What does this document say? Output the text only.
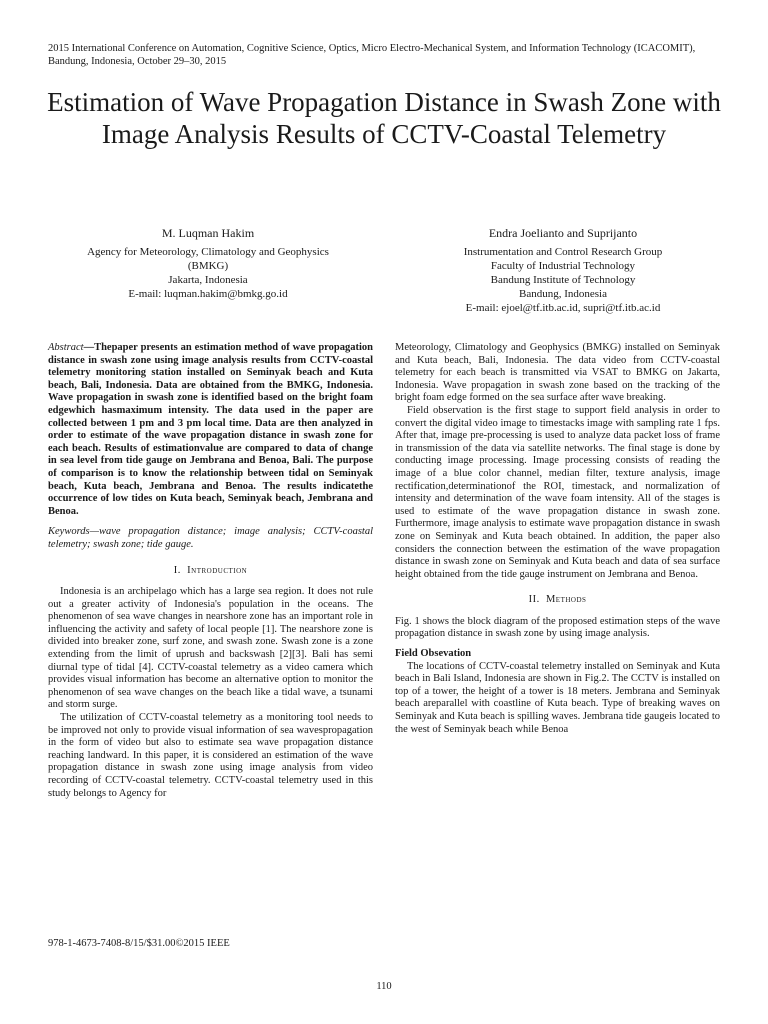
2015 International Conference on Automation, Cognitive Science, Optics, Micro Electro-Mechanical System, and Information Technology (ICACOMIT), Bandung, Indonesia, October 29–30, 2015
Estimation of Wave Propagation Distance in Swash Zone with Image Analysis Results of CCTV-Coastal Telemetry
M. Luqman Hakim
Agency for Meteorology, Climatology and Geophysics
(BMKG)
Jakarta, Indonesia
E-mail: luqman.hakim@bmkg.go.id
Endra Joelianto and Suprijanto
Instrumentation and Control Research Group
Faculty of Industrial Technology
Bandung Institute of Technology
Bandung, Indonesia
E-mail: ejoel@tf.itb.ac.id, supri@tf.itb.ac.id

Abstract—Thepaper presents an estimation method of wave propagation distance in swash zone using image analysis results from CCTV-coastal telemetry monitoring station installed on Seminyak beach and Kuta beach, Bali, Indonesia. Data are obtained from the BMKG, Indonesia. Wave propagation in swash zone is identified based on the bright foam edgewhich hasmaximum intensity. The data used in the paper are collected between 1 pm and 3 pm local time. Data are then analyzed in order to estimate of the wave propagation distance in swash zone for each beach. Results of estimationvalue are compared to data of change in sea level from tide gauge on Jembrana and Benoa, Bali. The purpose of comparison is to know the relationship between tidal on Seminyak beach, Kuta beach, Jembrana and Benoa. The results indicatethe occurrence of low tides on Kuta beach, Seminyak beach, Jembrana and Benoa.

Keywords—wave propagation distance; image analysis; CCTV-coastal telemetry; swash zone; tide gauge.

I. Introduction

Indonesia is an archipelago which has a large sea region. It does not rule out a greater activity of Indonesia's population in the oceans. The phenomenon of sea wave changes in nearshore zone has an important role in influencing the activity and safety of local people [1]. The nearshore zone is divided into breaker zone, surf zone, and swash zone. Swash zone is a zone extending from the limit of uprush and backswash [2][3]. Bali has semi diurnal type of tidal [4]. CCTV-coastal telemetry as a video camera which provides visual information has become an alternative option to monitor the phenomenon of sea wave changes on the beach like a tidal wave, a tsunami and storm surge.

The utilization of CCTV-coastal telemetry as a monitoring tool needs to be improved not only to provide visual information of sea wavespropagation in the form of video but also to estimate sea wave propagation distance reaching landward. In this paper, it is considered an estimation of the wave propagation distance in swash zone using image analysis from video recording of CCTV-coastal telemetry. CCTV-coastal telemetry used in this study belongs to Agency for

Meteorology, Climatology and Geophysics (BMKG) installed on Seminyak and Kuta beach, Bali, Indonesia. The data video from CCTV-coastal telemetry for each beach is transmitted via VSAT to BMKG on Jakarta, Indonesia. Wave propagation in swash zone based on the tracking of the bright foam edge formed on the sea surface after wave breaking.

Field observation is the first stage to support field analysis in order to convert the digital video image to timestacks image with sampling rate 1 fps. After that, image pre-processing is used to analyze data packet loss of frame in transmission of the data via satellite networks. The final stage is done by conducting image processing. Image processing consists of reading the image of a blue color channel, median filter, texture analysis, image rectification,determinationof the ROI, timestack, and normalization of intensity and determination of the wave foam intensity. All of the stages is used to estimate of the wave propagation distance in swash zone. Furthermore, image analysis to estimate wave propagation distance in swash zone on Seminyak and Kuta beach obtained. In addition, the paper also considers the connection between the estimation of the wave propagation distance in swash zone on Seminyak and Kuta beach and data of sea surface height obtained from the tide gauge instrument on Jembrana and Benoa.

II. Methods

Fig. 1 shows the block diagram of the proposed estimation steps of the wave propagation distance in swash zone by using image analysis.

Field Obsevation

The locations of CCTV-coastal telemetry installed on Seminyak and Kuta beach in Bali Island, Indonesia are shown in Fig.2. The CCTV is installed on top of a tower, the height of a tower is 18 meters. Jembrana and Seminyak beach areparallel with coastline of Kuta beach. Type of breaking waves on Seminyak and Kuta beach is spilling waves. Jembrana tide gaugeis located to the west of Seminyak beach while Benoa

978-1-4673-7408-8/15/$31.00©2015 IEEE
110
